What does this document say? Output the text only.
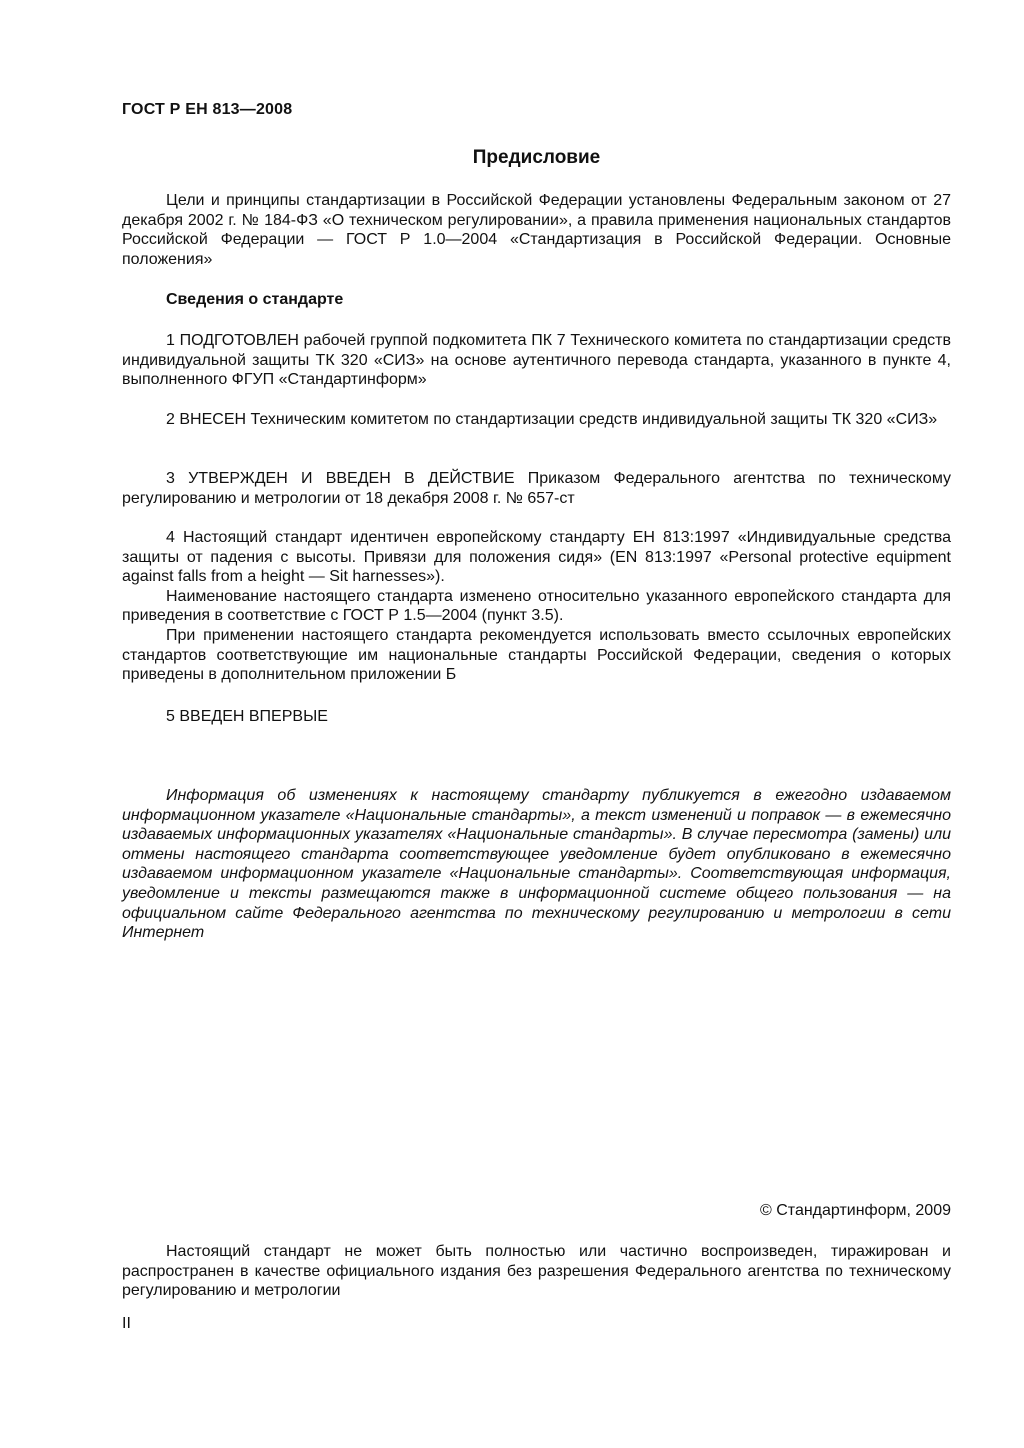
ГОСТ Р ЕН 813—2008
Предисловие

Цели и принципы стандартизации в Российской Федерации установлены Федеральным законом от 27 декабря 2002 г. № 184-ФЗ «О техническом регулировании», а правила применения национальных стандартов Российской Федерации — ГОСТ Р 1.0—2004 «Стандартизация в Российской Федерации. Основные положения»

Сведения о стандарте

1 ПОДГОТОВЛЕН рабочей группой подкомитета ПК 7 Технического комитета по стандартизации средств индивидуальной защиты ТК 320 «СИЗ» на основе аутентичного перевода стандарта, указанного в пункте 4, выполненного ФГУП «Стандартинформ»

2 ВНЕСЕН Техническим комитетом по стандартизации средств индивидуальной защиты ТК 320 «СИЗ»

3 УТВЕРЖДЕН И ВВЕДЕН В ДЕЙСТВИЕ Приказом Федерального агентства по техническому регулированию и метрологии от 18 декабря 2008 г. № 657-ст

4 Настоящий стандарт идентичен европейскому стандарту ЕН 813:1997 «Индивидуальные средства защиты от падения с высоты. Привязи для положения сидя» (EN 813:1997 «Personal protective equipment against falls from a height — Sit harnesses»).

Наименование настоящего стандарта изменено относительно указанного европейского стандарта для приведения в соответствие с ГОСТ Р 1.5—2004 (пункт 3.5).

При применении настоящего стандарта рекомендуется использовать вместо ссылочных европейских стандартов соответствующие им национальные стандарты Российской Федерации, сведения о которых приведены в дополнительном приложении Б

5 ВВЕДЕН ВПЕРВЫЕ

Информация об изменениях к настоящему стандарту публикуется в ежегодно издаваемом информационном указателе «Национальные стандарты», а текст изменений и поправок — в ежемесячно издаваемых информационных указателях «Национальные стандарты». В случае пересмотра (замены) или отмены настоящего стандарта соответствующее уведомление будет опубликовано в ежемесячно издаваемом информационном указателе «Национальные стандарты». Соответствующая информация, уведомление и тексты размещаются также в информационной системе общего пользования — на официальном сайте Федерального агентства по техническому регулированию и метрологии в сети Интернет

© Стандартинформ, 2009

Настоящий стандарт не может быть полностью или частично воспроизведен, тиражирован и распространен в качестве официального издания без разрешения Федерального агентства по техническому регулированию и метрологии

II
